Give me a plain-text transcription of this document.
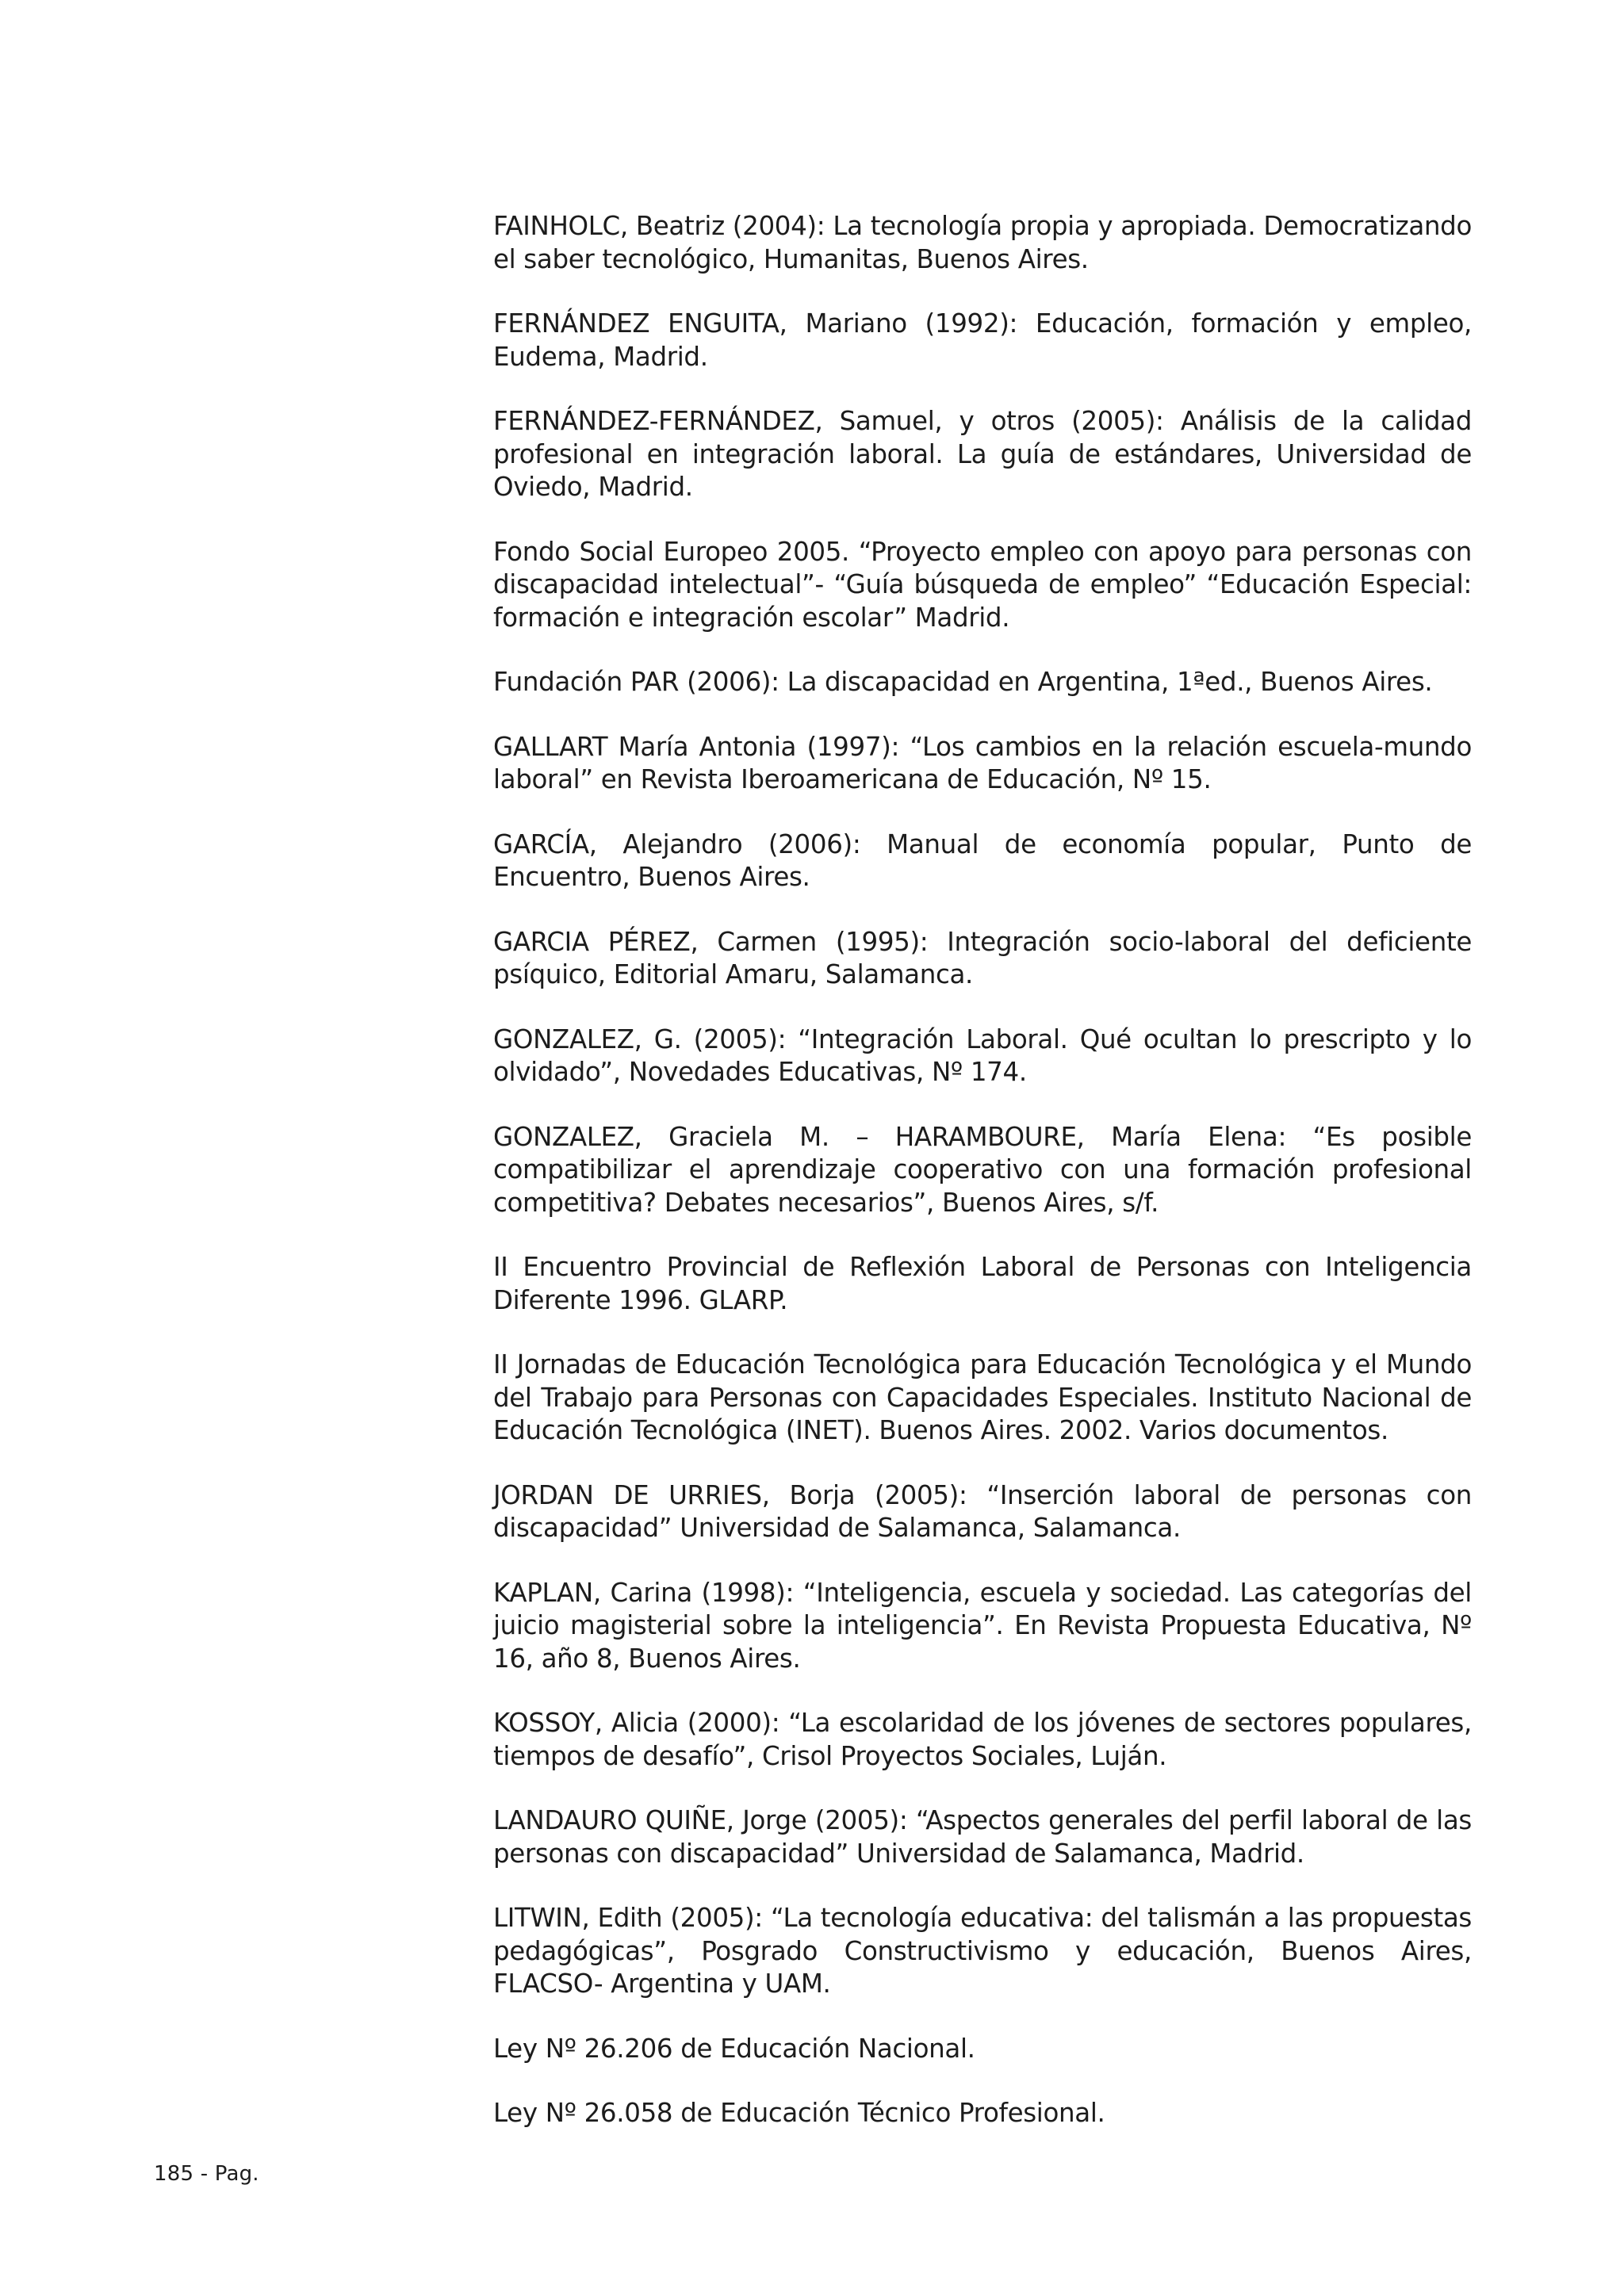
FAINHOLC, Beatriz (2004): La tecnología propia y apropiada. Democratizando el saber tecnológico, Humanitas, Buenos Aires.
FERNÁNDEZ ENGUITA, Mariano (1992): Educación, formación y empleo, Eudema, Madrid.
FERNÁNDEZ-FERNÁNDEZ, Samuel, y otros (2005): Análisis de la calidad profesional en integración laboral. La guía de estándares, Universidad de Oviedo, Madrid.
Fondo Social Europeo 2005. “Proyecto empleo con apoyo para personas con discapacidad intelectual”- “Guía búsqueda de empleo” “Educación Especial: formación e integración escolar” Madrid.
Fundación PAR (2006): La discapacidad en Argentina, 1ªed., Buenos Aires.
GALLART María Antonia (1997): “Los cambios en la relación escuela-mundo laboral” en Revista Iberoamericana de Educación, Nº 15.
GARCÍA, Alejandro (2006): Manual de economía popular, Punto de Encuentro, Buenos Aires.
GARCIA PÉREZ, Carmen (1995): Integración socio-laboral del deficiente psíquico, Editorial Amaru, Salamanca.
GONZALEZ, G. (2005): “Integración Laboral. Qué ocultan lo prescripto y lo olvidado”, Novedades Educativas, Nº 174.
GONZALEZ, Graciela M. – HARAMBOURE, María Elena: “Es posible compatibilizar el aprendizaje cooperativo con una formación profesional competitiva? Debates necesarios”, Buenos Aires, s/f.
II Encuentro Provincial de Reflexión Laboral de Personas con Inteligencia Diferente 1996. GLARP.
II Jornadas de Educación Tecnológica para Educación Tecnológica y el Mundo del Trabajo para Personas con Capacidades Especiales. Instituto Nacional de Educación Tecnológica (INET). Buenos Aires. 2002. Varios documentos.
JORDAN DE URRIES, Borja (2005): “Inserción laboral de personas con discapacidad” Universidad de Salamanca, Salamanca.
KAPLAN, Carina (1998): “Inteligencia, escuela y sociedad. Las categorías del juicio magisterial sobre la inteligencia”. En Revista Propuesta Educativa, Nº 16, año 8, Buenos Aires.
KOSSOY, Alicia (2000): “La escolaridad de los jóvenes de sectores populares, tiempos de desafío”, Crisol Proyectos Sociales, Luján.
LANDAURO QUIÑE, Jorge (2005): “Aspectos generales del perfil laboral de las personas con discapacidad” Universidad de Salamanca, Madrid.
LITWIN, Edith (2005): “La tecnología educativa: del talismán a las propuestas pedagógicas”, Posgrado Constructivismo y educación, Buenos Aires, FLACSO- Argentina y UAM.
Ley Nº 26.206 de Educación Nacional.
Ley Nº 26.058 de Educación Técnico Profesional.
185 - Pag.
